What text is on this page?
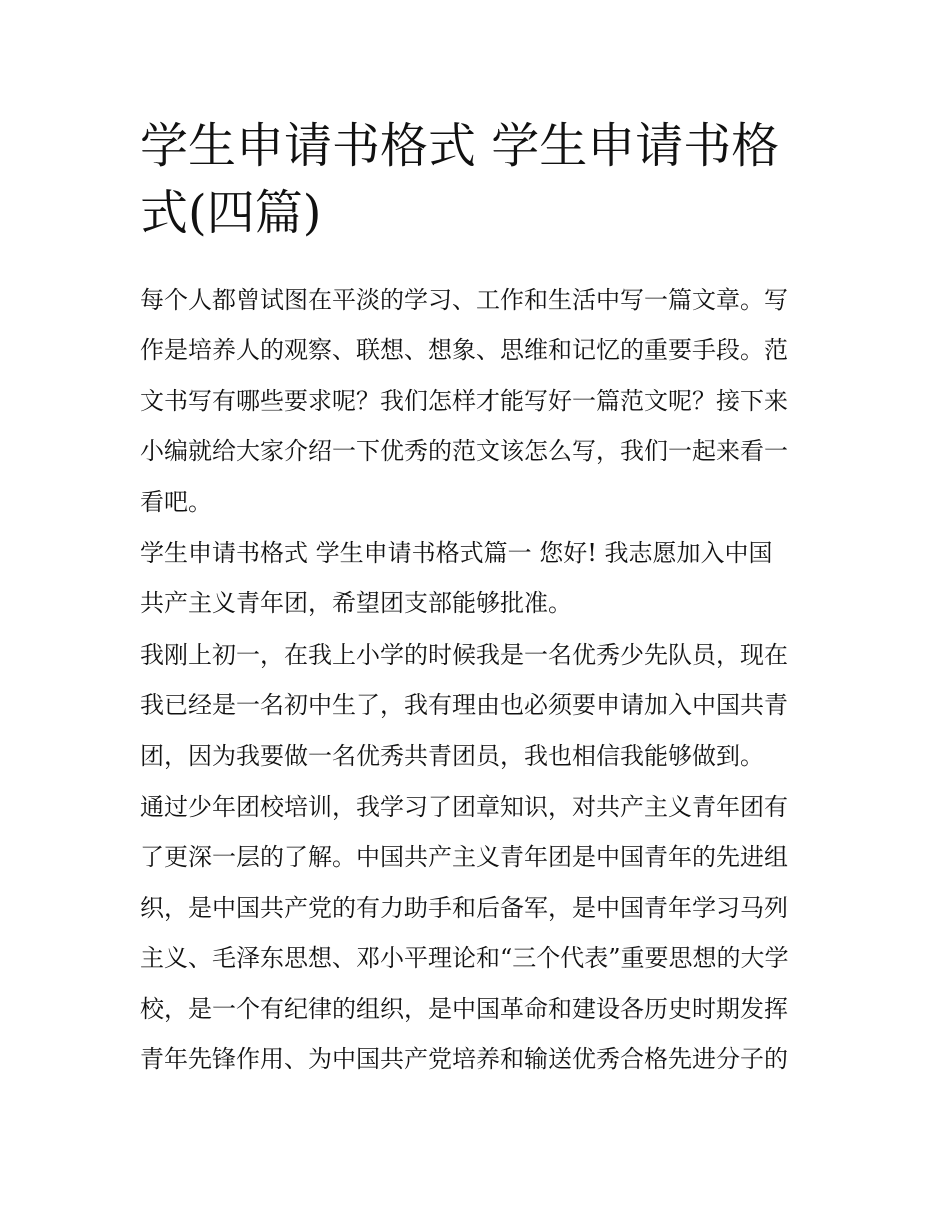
学生申请书格式 学生申请书格
式(四篇)

每个人都曾试图在平淡的学习、工作和生活中写一篇文章。写

作是培养人的观察、联想、想象、思维和记忆的重要手段。范

文书写有哪些要求呢？我们怎样才能写好一篇范文呢？接下来

小编就给大家介绍一下优秀的范文该怎么写，我们一起来看一

看吧。

学生申请书格式 学生申请书格式篇一 您好! 我志愿加入中国

共产主义青年团，希望团支部能够批准。

我刚上初一，在我上小学的时候我是一名优秀少先队员，现在

我已经是一名初中生了，我有理由也必须要申请加入中国共青

团，因为我要做一名优秀共青团员，我也相信我能够做到。

通过少年团校培训，我学习了团章知识，对共产主义青年团有

了更深一层的了解。中国共产主义青年团是中国青年的先进组

织，是中国共产党的有力助手和后备军，是中国青年学习马列

主义、毛泽东思想、邓小平理论和“三个代表”重要思想的大学

校，是一个有纪律的组织，是中国革命和建设各历史时期发挥

青年先锋作用、为中国共产党培养和输送优秀合格先进分子的
